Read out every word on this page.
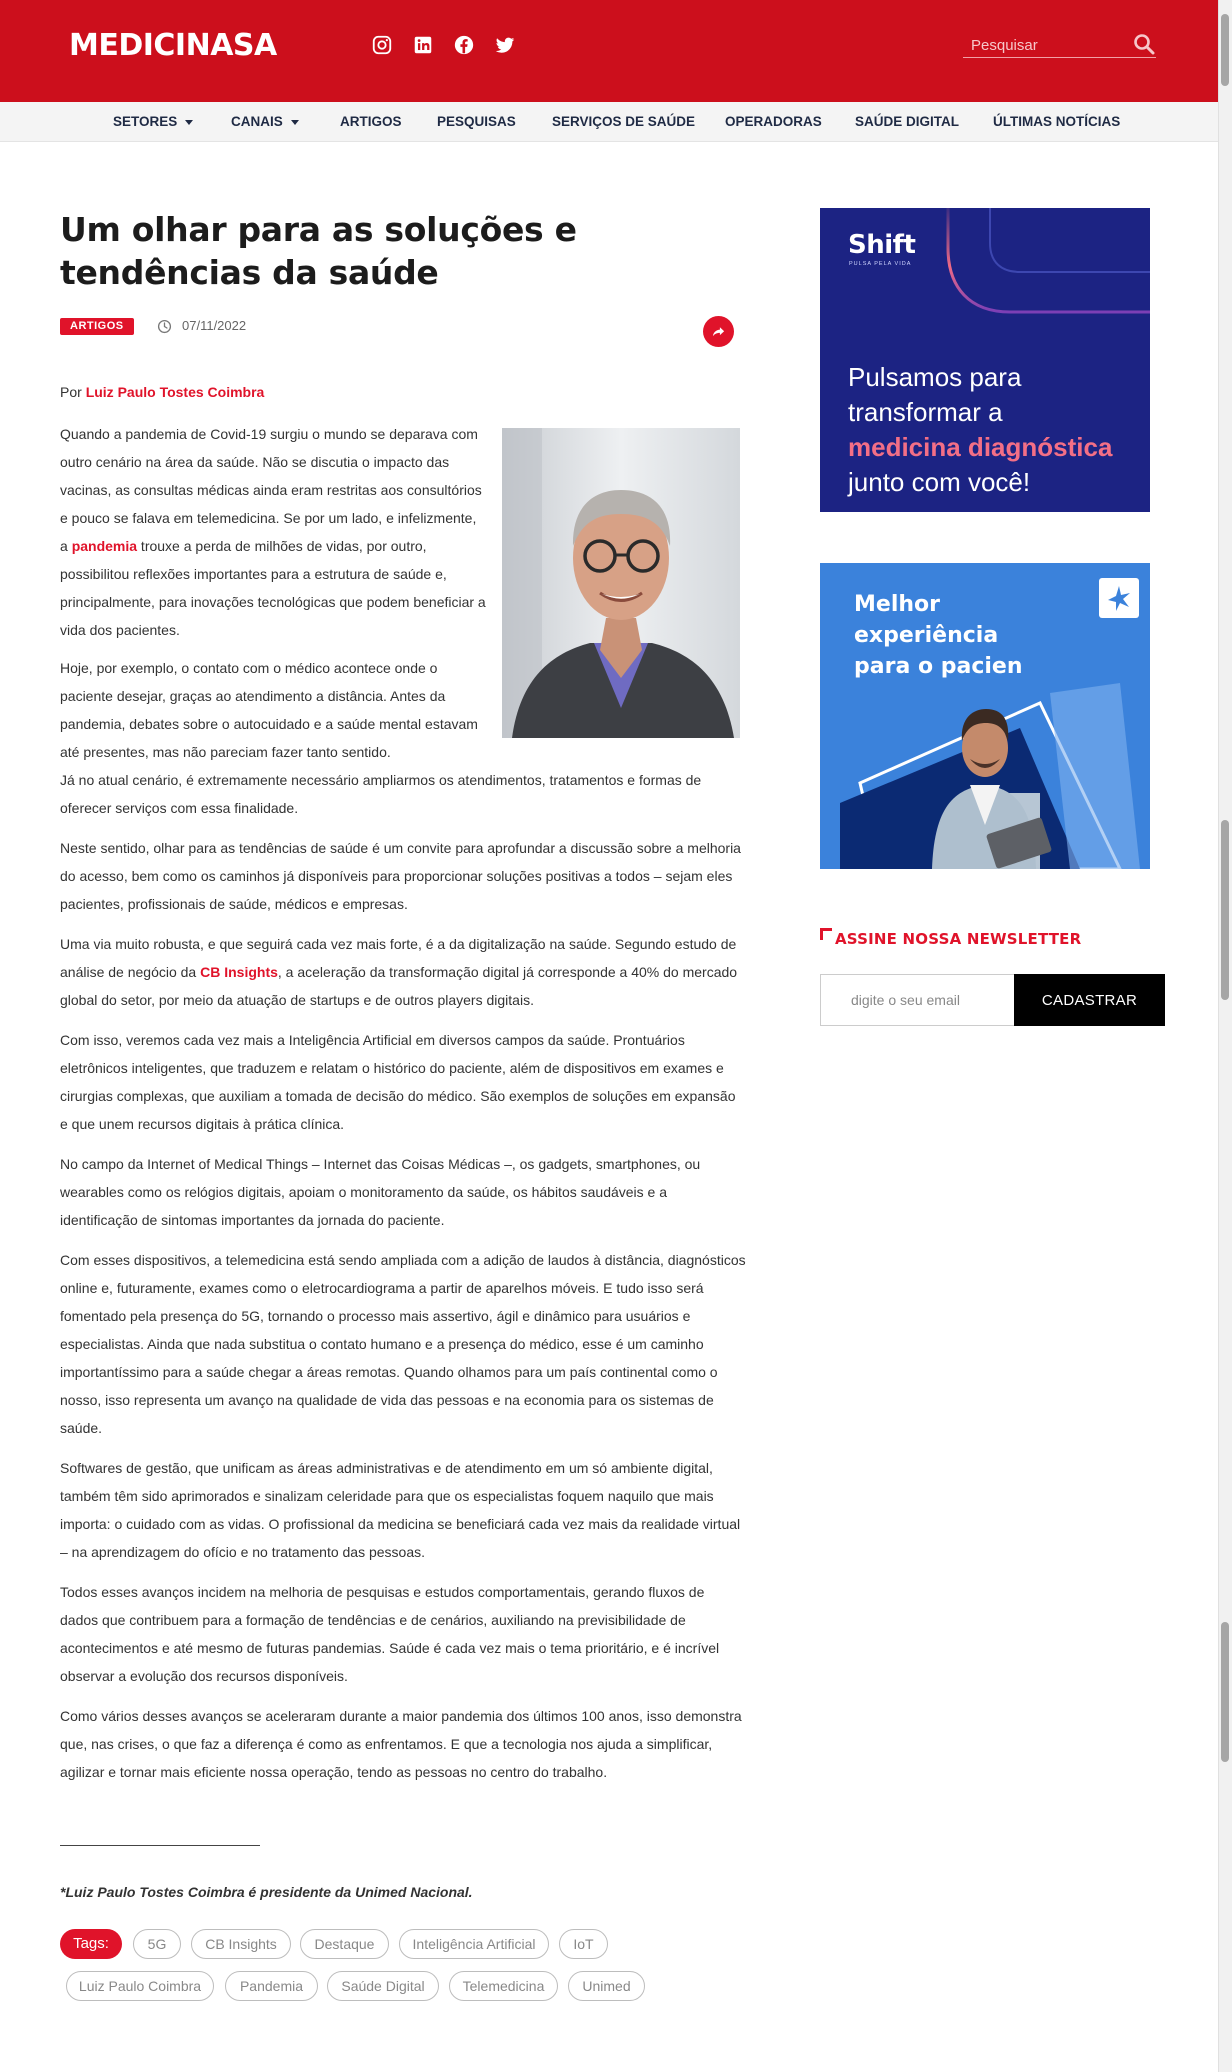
MEDICINASA
Pesquisar
SETORES	CANAIS	ARTIGOS	PESQUISAS	SERVIÇOS DE SAÚDE OPERADORAS SAÚDE DIGITAL	ÚLTIMAS NOTÍCIAS
Um olhar para as soluções e tendências da saúde
ARTIGOS	07/11/2022
Por Luiz Paulo Tostes Coimbra

Quando a pandemia de Covid-19 surgiu o mundo se deparava com outro cenário na área da saúde. Não se discutia o impacto das vacinas, as consultas médicas ainda eram restritas aos consultórios e pouco se falava em telemedicina. Se por um lado, e infelizmente, a pandemia trouxe a perda de milhões de vidas, por outro, possibilitou reflexões importantes para a estrutura de saúde e, principalmente, para inovações tecnológicas que podem beneficiar a vida dos pacientes.

Hoje, por exemplo, o contato com o médico acontece onde o paciente desejar, graças ao atendimento a distância. Antes da pandemia, debates sobre o autocuidado e a saúde mental estavam até presentes, mas não pareciam fazer tanto sentido.

Já no atual cenário, é extremamente necessário ampliarmos os atendimentos, tratamentos e formas de oferecer serviços com essa finalidade.

Neste sentido, olhar para as tendências de saúde é um convite para aprofundar a discussão sobre a melhoria do acesso, bem como os caminhos já disponíveis para proporcionar soluções positivas a todos – sejam eles pacientes, profissionais de saúde, médicos e empresas.

Uma via muito robusta, e que seguirá cada vez mais forte, é a da digitalização na saúde. Segundo estudo de análise de negócio da CB Insights, a aceleração da transformação digital já corresponde a 40% do mercado global do setor, por meio da atuação de startups e de outros players digitais.

Com isso, veremos cada vez mais a Inteligência Artificial em diversos campos da saúde. Prontuários eletrônicos inteligentes, que traduzem e relatam o histórico do paciente, além de dispositivos em exames e cirurgias complexas, que auxiliam a tomada de decisão do médico. São exemplos de soluções em expansão e que unem recursos digitais à prática clínica.

No campo da Internet of Medical Things – Internet das Coisas Médicas –, os gadgets, smartphones, ou wearables como os relógios digitais, apoiam o monitoramento da saúde, os hábitos saudáveis e a identificação de sintomas importantes da jornada do paciente.

Com esses dispositivos, a telemedicina está sendo ampliada com a adição de laudos à distância, diagnósticos online e, futuramente, exames como o eletrocardiograma a partir de aparelhos móveis. E tudo isso será fomentado pela presença do 5G, tornando o processo mais assertivo, ágil e dinâmico para usuários e especialistas. Ainda que nada substitua o contato humano e a presença do médico, esse é um caminho importantíssimo para a saúde chegar a áreas remotas. Quando olhamos para um país continental como o nosso, isso representa um avanço na qualidade de vida das pessoas e na economia para os sistemas de saúde.

Softwares de gestão, que unificam as áreas administrativas e de atendimento em um só ambiente digital, também têm sido aprimorados e sinalizam celeridade para que os especialistas foquem naquilo que mais importa: o cuidado com as vidas. O profissional da medicina se beneficiará cada vez mais da realidade virtual – na aprendizagem do ofício e no tratamento das pessoas.

Todos esses avanços incidem na melhoria de pesquisas e estudos comportamentais, gerando fluxos de dados que contribuem para a formação de tendências e de cenários, auxiliando na previsibilidade de acontecimentos e até mesmo de futuras pandemias. Saúde é cada vez mais o tema prioritário, e é incrível observar a evolução dos recursos disponíveis.

Como vários desses avanços se aceleraram durante a maior pandemia dos últimos 100 anos, isso demonstra que, nas crises, o que faz a diferença é como as enfrentamos. E que a tecnologia nos ajuda a simplificar, agilizar e tornar mais eficiente nossa operação, tendo as pessoas no centro do trabalho.

*Luiz Paulo Tostes Coimbra é presidente da Unimed Nacional.
Tags:	5G	CB Insights	Destaque	Inteligência Artificial	IoT
Luiz Paulo Coimbra	Pandemia	Saúde Digital	Telemedicina	Unimed
Shift
PULSA PELA VIDA
Pulsamos para
transformar a
medicina diagnóstica
junto com você!
Melhor experiência para o pacien
ASSINE NOSSA NEWSLETTER
digite o seu email
CADASTRAR
